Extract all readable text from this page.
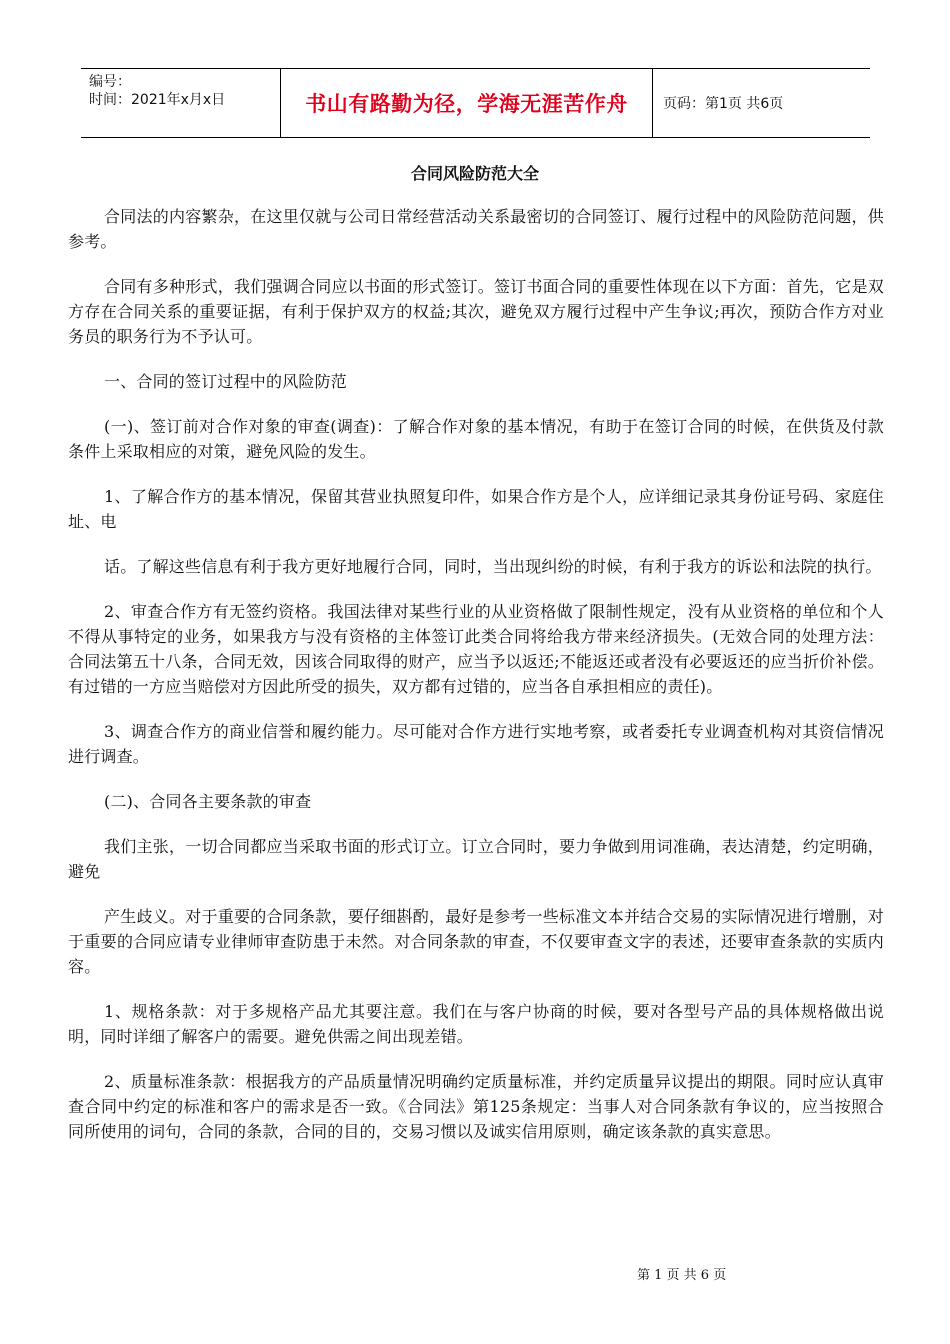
编号：
时间：2021年x月x日	书山有路勤为径，学海无涯苦作舟	页码：第1页 共6页
合同风险防范大全

合同法的内容繁杂，在这里仅就与公司日常经营活动关系最密切的合同签订、履行过程中的风险防范问题，供参考。

合同有多种形式，我们强调合同应以书面的形式签订。签订书面合同的重要性体现在以下方面：首先，它是双方存在合同关系的重要证据，有利于保护双方的权益;其次，避免双方履行过程中产生争议;再次，预防合作方对业务员的职务行为不予认可。

一、合同的签订过程中的风险防范

(一)、签订前对合作对象的审查(调查)：了解合作对象的基本情况，有助于在签订合同的时候，在供货及付款条件上采取相应的对策，避免风险的发生。

1、了解合作方的基本情况，保留其营业执照复印件，如果合作方是个人，应详细记录其身份证号码、家庭住址、电

话。了解这些信息有利于我方更好地履行合同，同时，当出现纠纷的时候，有利于我方的诉讼和法院的执行。

2、审查合作方有无签约资格。我国法律对某些行业的从业资格做了限制性规定，没有从业资格的单位和个人不得从事特定的业务，如果我方与没有资格的主体签订此类合同将给我方带来经济损失。(无效合同的处理方法：合同法第五十八条，合同无效，因该合同取得的财产，应当予以返还;不能返还或者没有必要返还的应当折价补偿。有过错的一方应当赔偿对方因此所受的损失，双方都有过错的，应当各自承担相应的责任)。

3、调查合作方的商业信誉和履约能力。尽可能对合作方进行实地考察，或者委托专业调查机构对其资信情况进行调查。

(二)、合同各主要条款的审查

我们主张，一切合同都应当采取书面的形式订立。订立合同时，要力争做到用词准确，表达清楚，约定明确，避免

产生歧义。对于重要的合同条款，要仔细斟酌，最好是参考一些标准文本并结合交易的实际情况进行增删，对于重要的合同应请专业律师审查防患于未然。对合同条款的审查，不仅要审查文字的表述，还要审查条款的实质内容。

1、规格条款：对于多规格产品尤其要注意。我们在与客户协商的时候，要对各型号产品的具体规格做出说明，同时详细了解客户的需要。避免供需之间出现差错。

2、质量标准条款：根据我方的产品质量情况明确约定质量标准，并约定质量异议提出的期限。同时应认真审查合同中约定的标准和客户的需求是否一致。《合同法》第125条规定：当事人对合同条款有争议的，应当按照合同所使用的词句，合同的条款，合同的目的，交易习惯以及诚实信用原则，确定该条款的真实意思。

第 1 页 共 6 页
